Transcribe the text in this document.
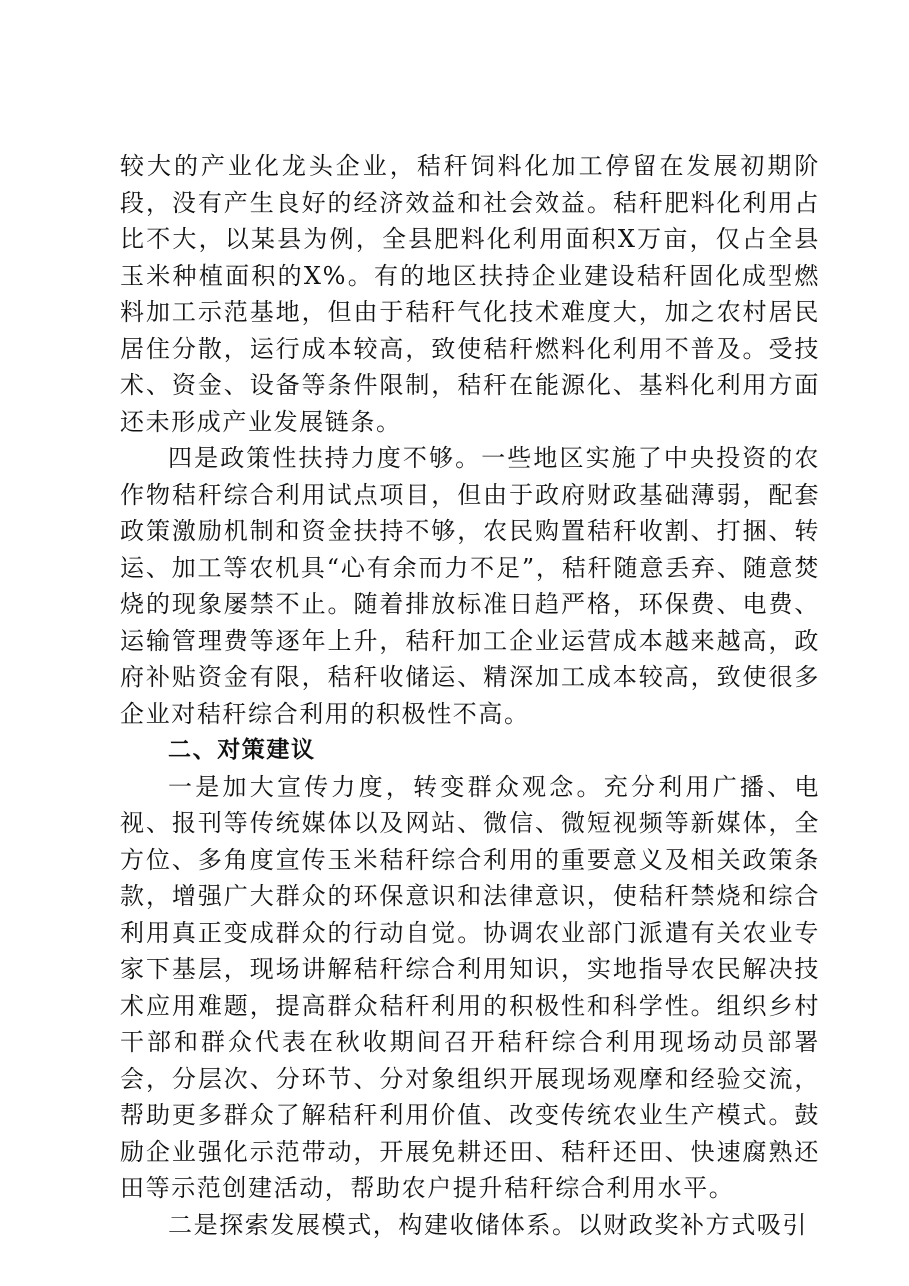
较大的产业化龙头企业，秸秆饲料化加工停留在发展初期阶段，没有产生良好的经济效益和社会效益。秸秆肥料化利用占比不大，以某县为例，全县肥料化利用面积X万亩，仅占全县玉米种植面积的X%。有的地区扶持企业建设秸秆固化成型燃料加工示范基地，但由于秸秆气化技术难度大，加之农村居民居住分散，运行成本较高，致使秸秆燃料化利用不普及。受技术、资金、设备等条件限制，秸秆在能源化、基料化利用方面还未形成产业发展链条。

四是政策性扶持力度不够。一些地区实施了中央投资的农作物秸秆综合利用试点项目，但由于政府财政基础薄弱，配套政策激励机制和资金扶持不够，农民购置秸秆收割、打捆、转运、加工等农机具“心有余而力不足”，秸秆随意丢弃、随意焚烧的现象屡禁不止。随着排放标准日趋严格，环保费、电费、运输管理费等逐年上升，秸秆加工企业运营成本越来越高，政府补贴资金有限，秸秆收储运、精深加工成本较高，致使很多企业对秸秆综合利用的积极性不高。

二、对策建议

一是加大宣传力度，转变群众观念。充分利用广播、电视、报刊等传统媒体以及网站、微信、微短视频等新媒体，全方位、多角度宣传玉米秸秆综合利用的重要意义及相关政策条款，增强广大群众的环保意识和法律意识，使秸秆禁烧和综合利用真正变成群众的行动自觉。协调农业部门派遣有关农业专家下基层，现场讲解秸秆综合利用知识，实地指导农民解决技术应用难题，提高群众秸秆利用的积极性和科学性。组织乡村干部和群众代表在秋收期间召开秸秆综合利用现场动员部署会，分层次、分环节、分对象组织开展现场观摩和经验交流，帮助更多群众了解秸秆利用价值、改变传统农业生产模式。鼓励企业强化示范带动，开展免耕还田、秸秆还田、快速腐熟还田等示范创建活动，帮助农户提升秸秆综合利用水平。

二是探索发展模式，构建收储体系。以财政奖补方式吸引
